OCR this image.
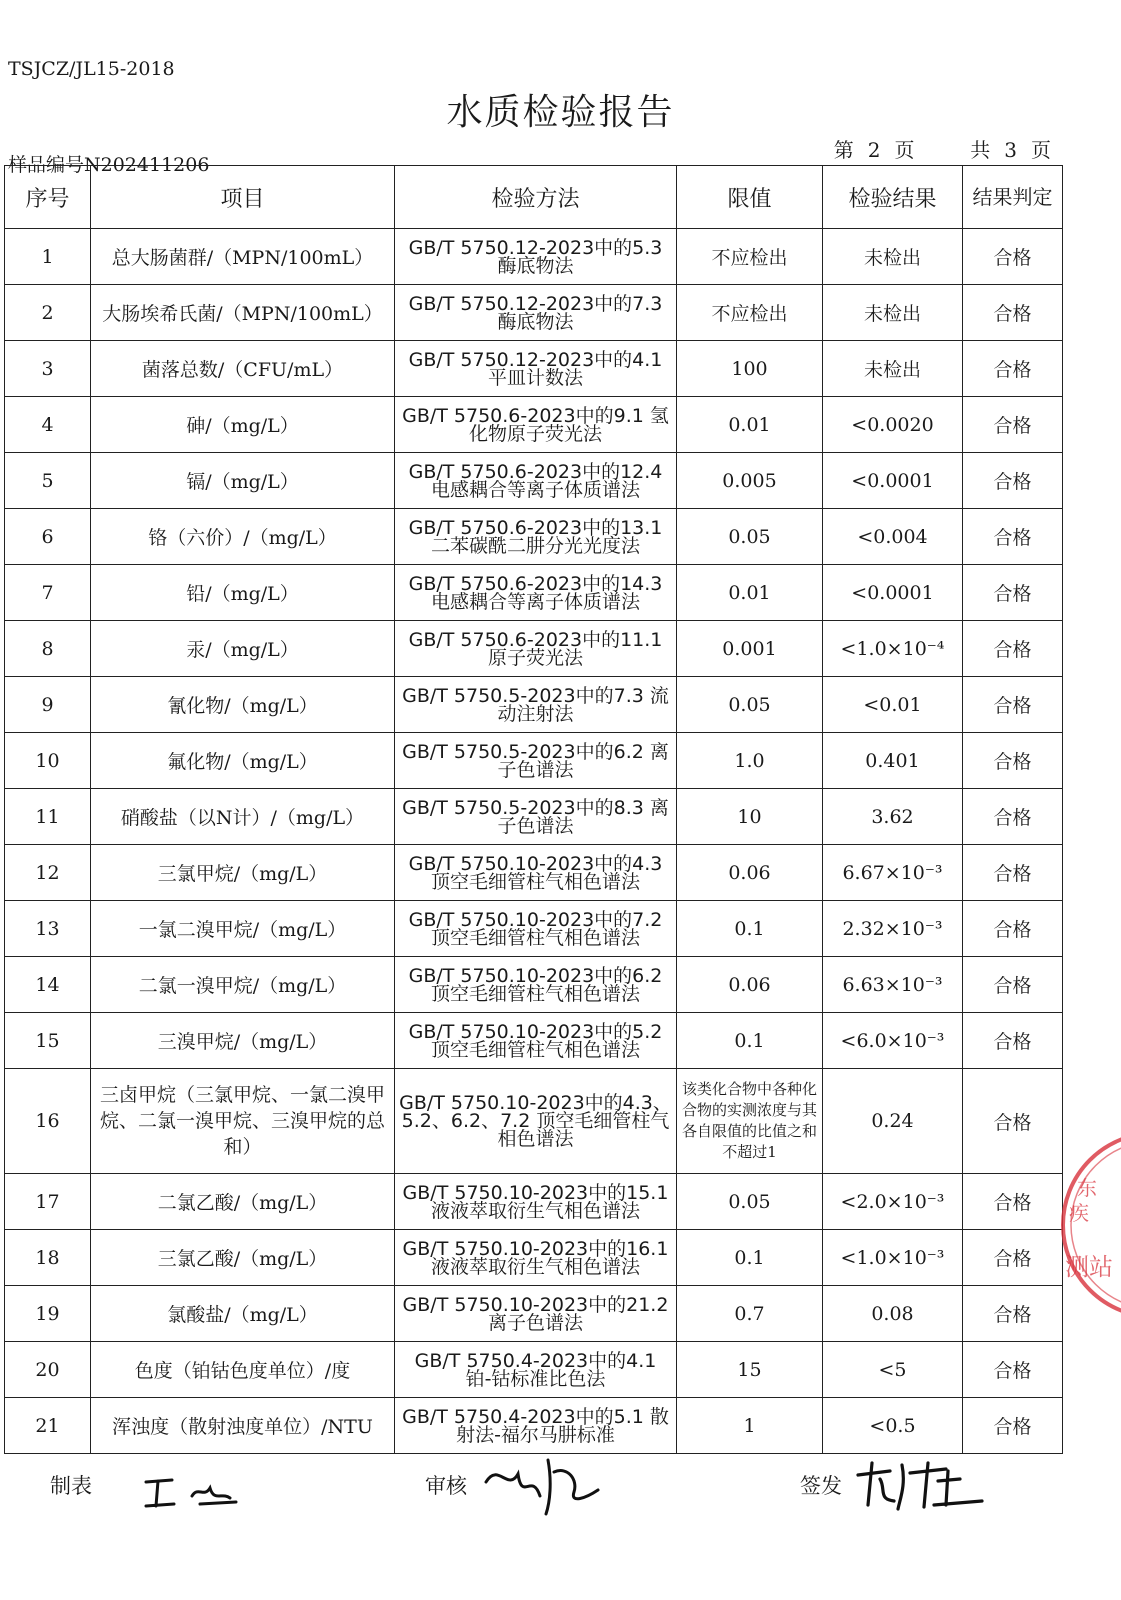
TSJCZ/JL15-2018
水质检验报告
第 2 页	共 3 页
样品编号N202411206
序号	项目	检验方法	限值	检验结果	结果判定
1	总大肠菌群/（MPN/100mL）	GB/T 5750.12-2023中的5.3 酶底物法	不应检出	未检出	合格
2	大肠埃希氏菌/（MPN/100mL）	GB/T 5750.12-2023中的7.3 酶底物法	不应检出	未检出	合格
3	菌落总数/（CFU/mL）	GB/T 5750.12-2023中的4.1 平皿计数法	100	未检出	合格
4	砷/（mg/L）	GB/T 5750.6-2023中的9.1 氢化物原子荧光法	0.01	<0.0020	合格
5	镉/（mg/L）	GB/T 5750.6-2023中的12.4 电感耦合等离子体质谱法	0.005	<0.0001	合格
6	铬（六价）/（mg/L）	GB/T 5750.6-2023中的13.1 二苯碳酰二肼分光光度法	0.05	<0.004	合格
7	铅/（mg/L）	GB/T 5750.6-2023中的14.3 电感耦合等离子体质谱法	0.01	<0.0001	合格
8	汞/（mg/L）	GB/T 5750.6-2023中的11.1 原子荧光法	0.001	<1.0×10⁻⁴	合格
9	氰化物/（mg/L）	GB/T 5750.5-2023中的7.3 流动注射法	0.05	<0.01	合格
10	氟化物/（mg/L）	GB/T 5750.5-2023中的6.2 离子色谱法	1.0	0.401	合格
11	硝酸盐（以N计）/（mg/L）	GB/T 5750.5-2023中的8.3 离子色谱法	10	3.62	合格
12	三氯甲烷/（mg/L）	GB/T 5750.10-2023中的4.3 顶空毛细管柱气相色谱法	0.06	6.67×10⁻³	合格
13	一氯二溴甲烷/（mg/L）	GB/T 5750.10-2023中的7.2 顶空毛细管柱气相色谱法	0.1	2.32×10⁻³	合格
14	二氯一溴甲烷/（mg/L）	GB/T 5750.10-2023中的6.2 顶空毛细管柱气相色谱法	0.06	6.63×10⁻³	合格
15	三溴甲烷/（mg/L）	GB/T 5750.10-2023中的5.2 顶空毛细管柱气相色谱法	0.1	<6.0×10⁻³	合格
16	三卤甲烷（三氯甲烷、一氯二溴甲烷、二氯一溴甲烷、三溴甲烷的总和）	GB/T 5750.10-2023中的4.3、5.2、6.2、7.2 顶空毛细管柱气相色谱法	该类化合物中各种化合物的实测浓度与其各自限值的比值之和不超过1	0.24	合格
17	二氯乙酸/（mg/L）	GB/T 5750.10-2023中的15.1 液液萃取衍生气相色谱法	0.05	<2.0×10⁻³	合格
18	三氯乙酸/（mg/L）	GB/T 5750.10-2023中的16.1 液液萃取衍生气相色谱法	0.1	<1.0×10⁻³	合格
19	氯酸盐/（mg/L）	GB/T 5750.10-2023中的21.2 离子色谱法	0.7	0.08	合格
20	色度（铂钴色度单位）/度	GB/T 5750.4-2023中的4.1 铂-钴标准比色法	15	<5	合格
21	浑浊度（散射浊度单位）/NTU	GB/T 5750.4-2023中的5.1 散射法-福尔马肼标准	1	<0.5	合格
制表	审核	签发
东
疾
测站
